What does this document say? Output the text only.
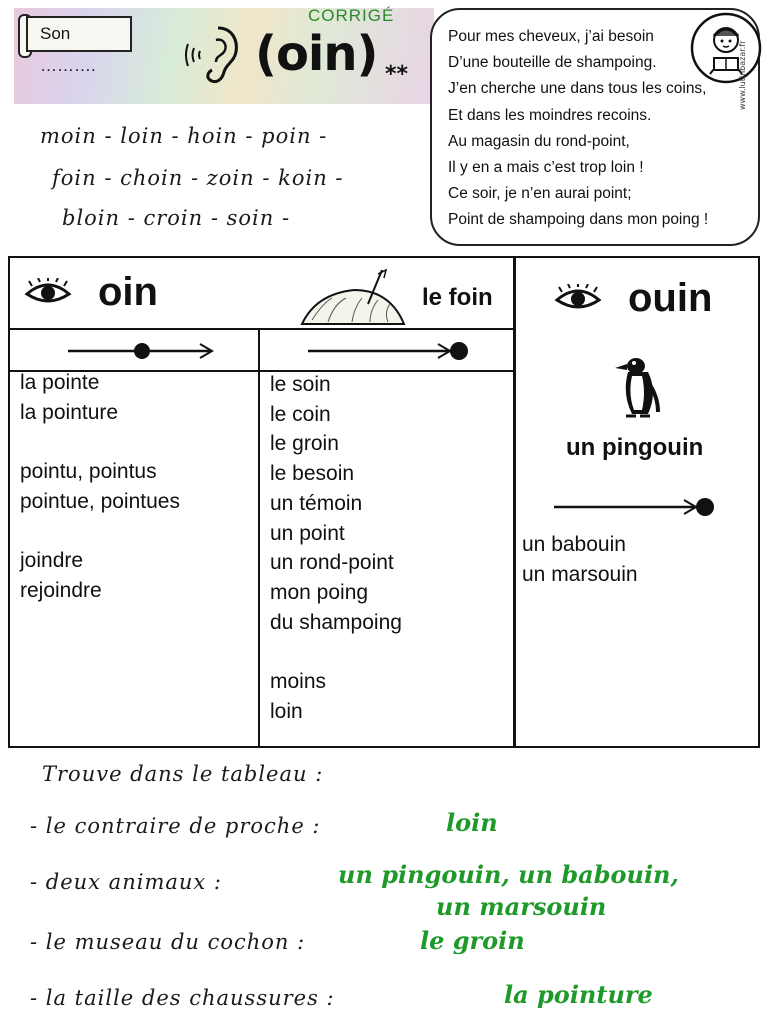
Son ……….
CORRIGÉ
(oin) **
Pour mes cheveux, j’ai besoin
D’une bouteille de shampoing.
J’en cherche une dans tous les coins,
Et dans les moindres recoins.
Au magasin du rond-point,
Il y en a mais c’est trop loin !
Ce soir, je n’en aurai point;
Point de shampoing dans mon poing !
www.lutinbazar.fr
moin - loin - hoin - poin -
foin - choin - zoin - koin -
bloin - croin - soin -
oin	le foin
la pointe
la pointure

pointu, pointus
pointue, pointues

joindre
rejoindre
le soin
le coin
le groin
le besoin
un témoin
un point
un rond-point
mon poing
du shampoing

moins
loin
ouin
un pingouin
un babouin
un marsouin
Trouve dans le tableau :
- le contraire de proche :	loin
- deux animaux :	un pingouin, un babouin,
un marsouin
- le museau du cochon :	le groin
- la taille des chaussures :	la pointure
